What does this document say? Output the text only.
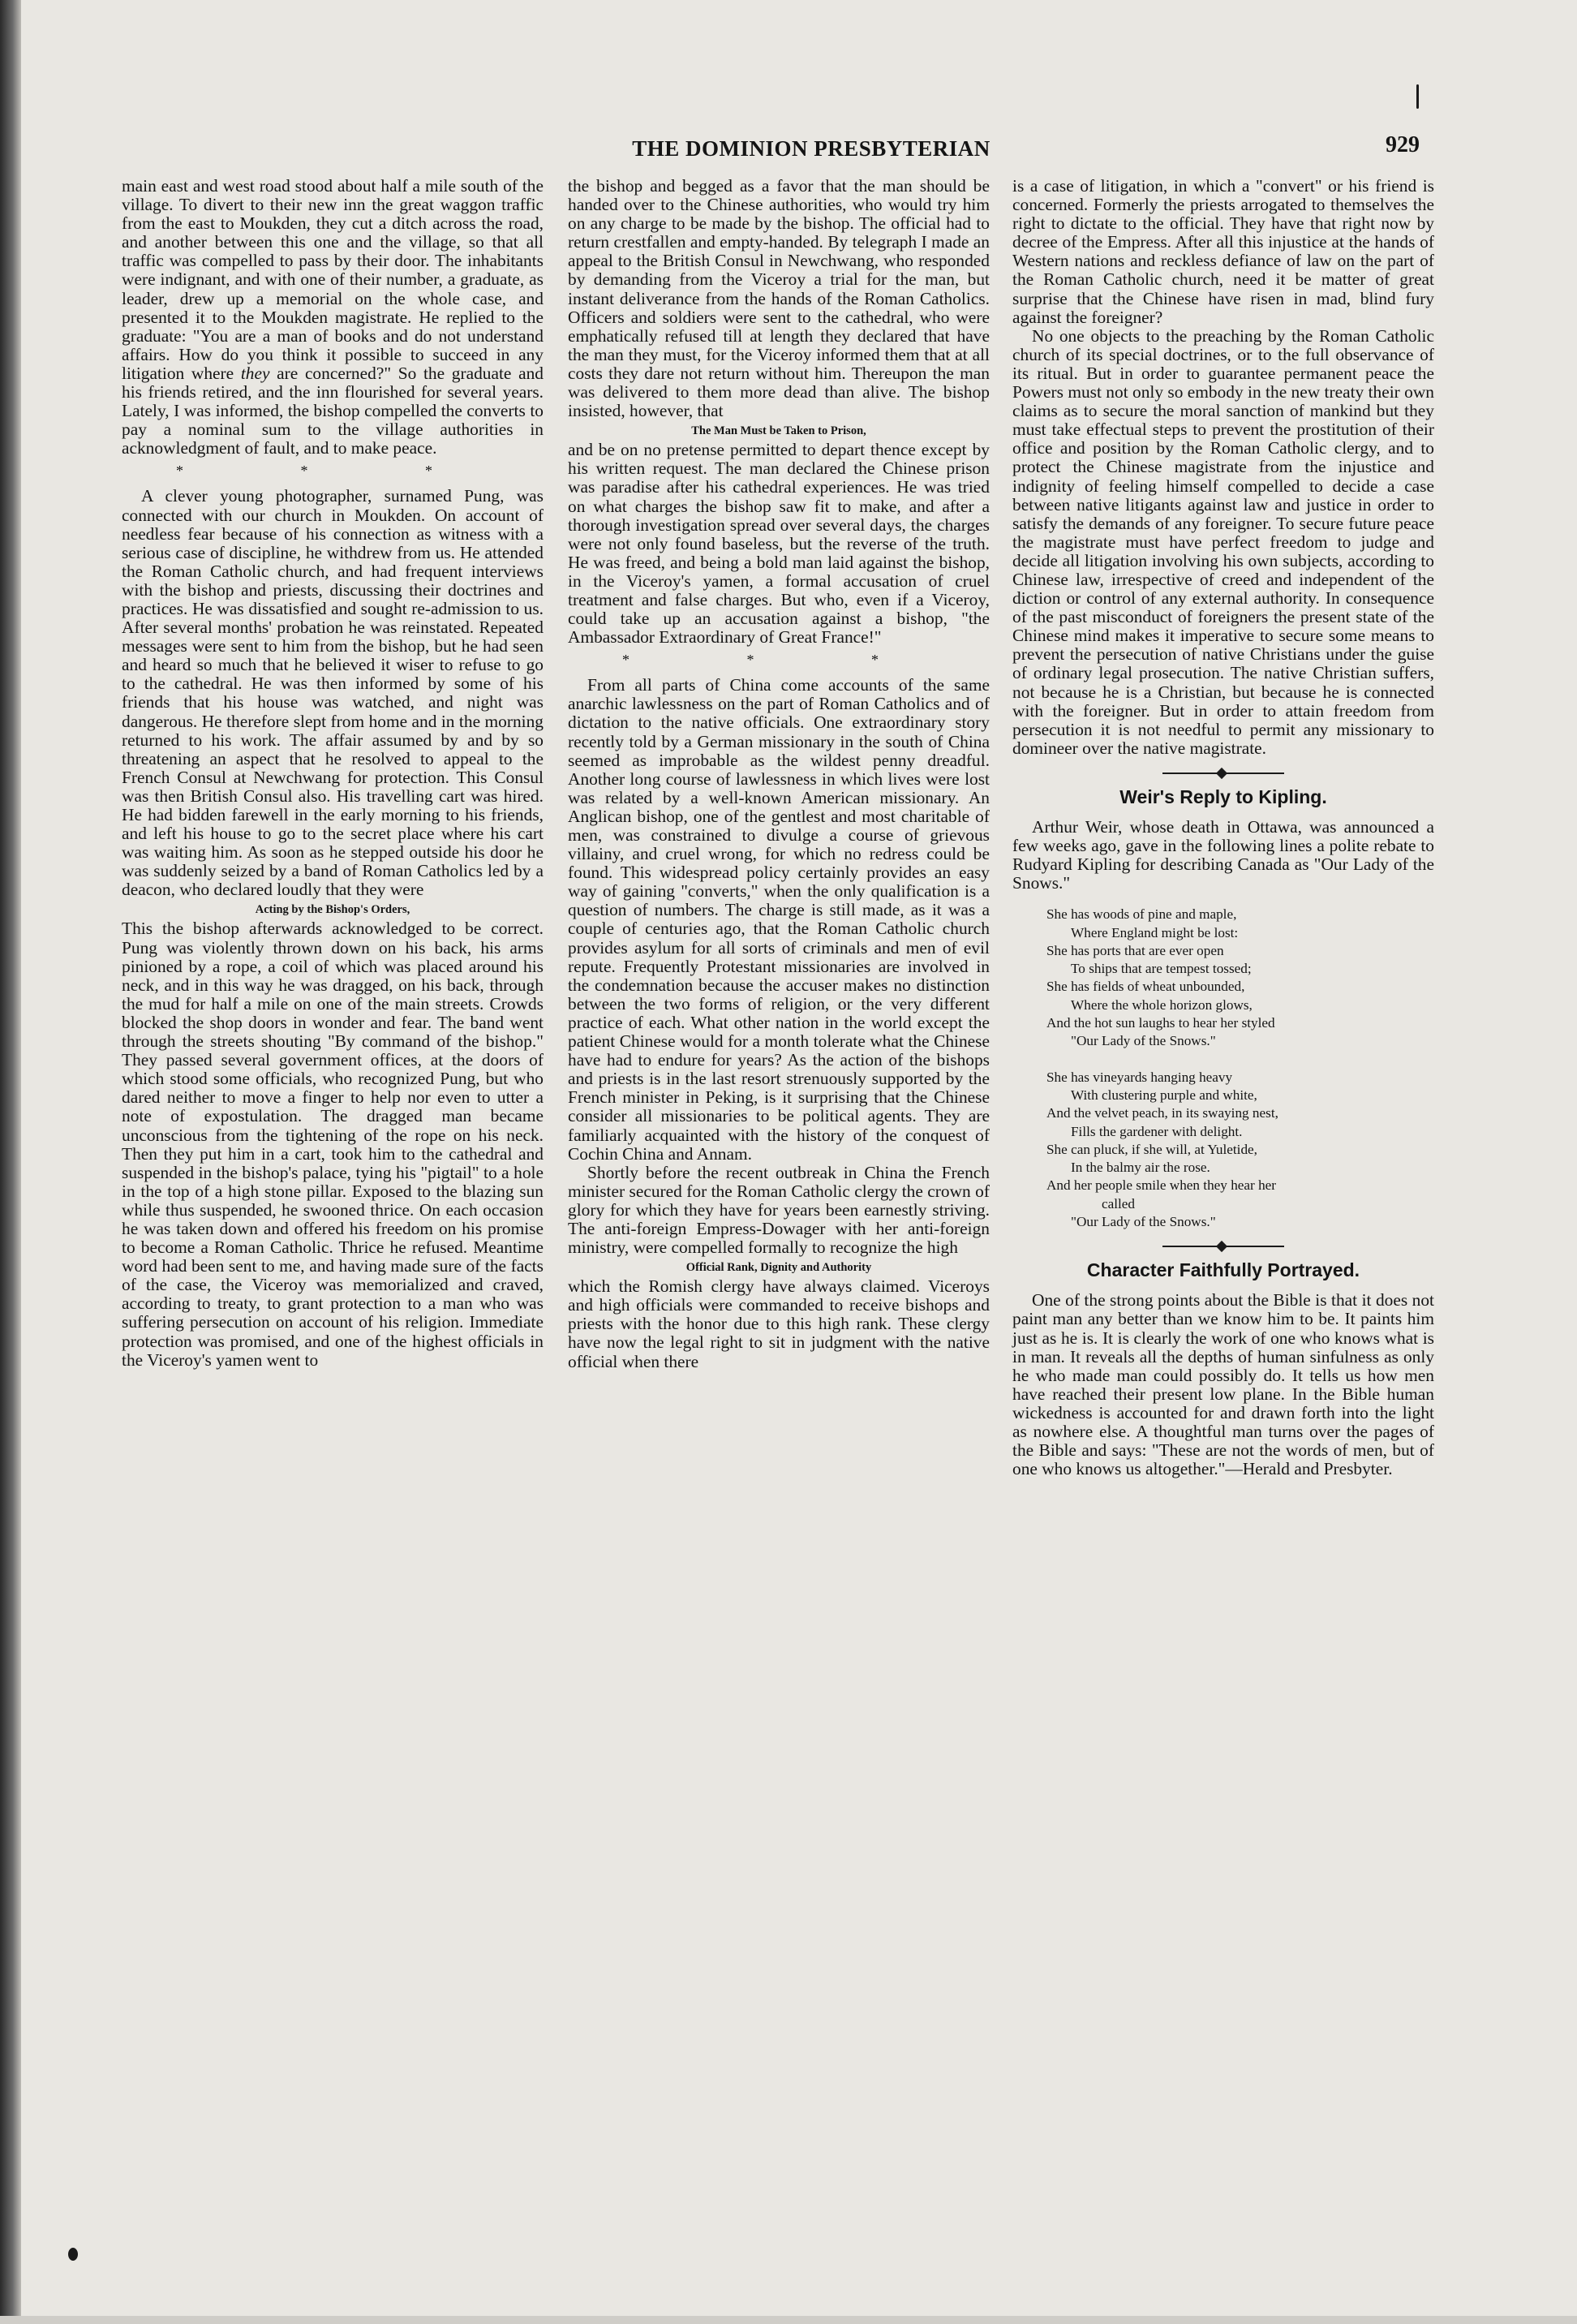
THE DOMINION PRESBYTERIAN	929

main east and west road stood about half a mile south of the village. To divert to their new inn the great waggon traffic from the east to Moukden, they cut a ditch across the road, and another between this one and the village, so that all traffic was compelled to pass by their door. The inhabitants were indignant, and with one of their number, a graduate, as leader, drew up a memorial on the whole case, and presented it to the Moukden magistrate. He replied to the graduate: "You are a man of books and do not understand affairs. How do you think it possible to succeed in any litigation where they are concerned?" So the graduate and his friends retired, and the inn flourished for several years. Lately, I was informed, the bishop compelled the converts to pay a nominal sum to the village authorities in acknowledgment of fault, and to make peace.

* * *

A clever young photographer, surnamed Pung, was connected with our church in Moukden. On account of needless fear because of his connection as witness with a serious case of discipline, he withdrew from us. He attended the Roman Catholic church, and had frequent interviews with the bishop and priests, discussing their doctrines and practices. He was dissatisfied and sought re-admission to us. After several months' probation he was reinstated. Repeated messages were sent to him from the bishop, but he had seen and heard so much that he believed it wiser to refuse to go to the cathedral. He was then informed by some of his friends that his house was watched, and night was dangerous. He therefore slept from home and in the morning returned to his work. The affair assumed by and by so threatening an aspect that he resolved to appeal to the French Consul at Newchwang for protection. This Consul was then British Consul also. His travelling cart was hired. He had bidden farewell in the early morning to his friends, and left his house to go to the secret place where his cart was waiting him. As soon as he stepped outside his door he was suddenly seized by a band of Roman Catholics led by a deacon, who declared loudly that they were

Acting by the Bishop's Orders,

This the bishop afterwards acknowledged to be correct. Pung was violently thrown down on his back, his arms pinioned by a rope, a coil of which was placed around his neck, and in this way he was dragged, on his back, through the mud for half a mile on one of the main streets. Crowds blocked the shop doors in wonder and fear. The band went through the streets shouting "By command of the bishop." They passed several government offices, at the doors of which stood some officials, who recognized Pung, but who dared neither to move a finger to help nor even to utter a note of expostulation. The dragged man became unconscious from the tightening of the rope on his neck. Then they put him in a cart, took him to the cathedral and suspended in the bishop's palace, tying his "pigtail" to a hole in the top of a high stone pillar. Exposed to the blazing sun while thus suspended, he swooned thrice. On each occasion he was taken down and offered his freedom on his promise to become a Roman Catholic. Thrice he refused. Meantime word had been sent to me, and having made sure of the facts of the case, the Viceroy was memorialized and craved, according to treaty, to grant protection to a man who was suffering persecution on account of his religion. Immediate protection was promised, and one of the highest officials in the Viceroy's yamen went to

the bishop and begged as a favor that the man should be handed over to the Chinese authorities, who would try him on any charge to be made by the bishop. The official had to return crestfallen and empty-handed. By telegraph I made an appeal to the British Consul in Newchwang, who responded by demanding from the Viceroy a trial for the man, but instant deliverance from the hands of the Roman Catholics. Officers and soldiers were sent to the cathedral, who were emphatically refused till at length they declared that have the man they must, for the Viceroy informed them that at all costs they dare not return without him. Thereupon the man was delivered to them more dead than alive. The bishop insisted, however, that

The Man Must be Taken to Prison,

and be on no pretense permitted to depart thence except by his written request. The man declared the Chinese prison was paradise after his cathedral experiences. He was tried on what charges the bishop saw fit to make, and after a thorough investigation spread over several days, the charges were not only found baseless, but the reverse of the truth. He was freed, and being a bold man laid against the bishop, in the Viceroy's yamen, a formal accusation of cruel treatment and false charges. But who, even if a Viceroy, could take up an accusation against a bishop, "the Ambassador Extraordinary of Great France!"

* * *

From all parts of China come accounts of the same anarchic lawlessness on the part of Roman Catholics and of dictation to the native officials. One extraordinary story recently told by a German missionary in the south of China seemed as improbable as the wildest penny dreadful. Another long course of lawlessness in which lives were lost was related by a well-known American missionary. An Anglican bishop, one of the gentlest and most charitable of men, was constrained to divulge a course of grievous villainy, and cruel wrong, for which no redress could be found. This widespread policy certainly provides an easy way of gaining "converts," when the only qualification is a question of numbers. The charge is still made, as it was a couple of centuries ago, that the Roman Catholic church provides asylum for all sorts of criminals and men of evil repute. Frequently Protestant missionaries are involved in the condemnation because the accuser makes no distinction between the two forms of religion, or the very different practice of each. What other nation in the world except the patient Chinese would for a month tolerate what the Chinese have had to endure for years? As the action of the bishops and priests is in the last resort strenuously supported by the French minister in Peking, is it surprising that the Chinese consider all missionaries to be political agents. They are familiarly acquainted with the history of the conquest of Cochin China and Annam.

Shortly before the recent outbreak in China the French minister secured for the Roman Catholic clergy the crown of glory for which they have for years been earnestly striving. The anti-foreign Empress-Dowager with her anti-foreign ministry, were compelled formally to recognize the high

Official Rank, Dignity and Authority

which the Romish clergy have always claimed. Viceroys and high officials were commanded to receive bishops and priests with the honor due to this high rank. These clergy have now the legal right to sit in judgment with the native official when there

is a case of litigation, in which a "convert" or his friend is concerned. Formerly the priests arrogated to themselves the right to dictate to the official. They have that right now by decree of the Empress. After all this injustice at the hands of Western nations and reckless defiance of law on the part of the Roman Catholic church, need it be matter of great surprise that the Chinese have risen in mad, blind fury against the foreigner?

No one objects to the preaching by the Roman Catholic church of its special doctrines, or to the full observance of its ritual. But in order to guarantee permanent peace the Powers must not only so embody in the new treaty their own claims as to secure the moral sanction of mankind but they must take effectual steps to prevent the prostitution of their office and position by the Roman Catholic clergy, and to protect the Chinese magistrate from the injustice and indignity of feeling himself compelled to decide a case between native litigants against law and justice in order to satisfy the demands of any foreigner. To secure future peace the magistrate must have perfect freedom to judge and decide all litigation involving his own subjects, according to Chinese law, irrespective of creed and independent of the diction or control of any external authority. In consequence of the past misconduct of foreigners the present state of the Chinese mind makes it imperative to secure some means to prevent the persecution of native Christians under the guise of ordinary legal prosecution. The native Christian suffers, not because he is a Christian, but because he is connected with the foreigner. But in order to attain freedom from persecution it is not needful to permit any missionary to domineer over the native magistrate.

Weir's Reply to Kipling.

Arthur Weir, whose death in Ottawa, was announced a few weeks ago, gave in the following lines a polite rebate to Rudyard Kipling for describing Canada as "Our Lady of the Snows."

She has woods of pine and maple,
Where England might be lost:
She has ports that are ever open
To ships that are tempest tossed;
She has fields of wheat unbounded,
Where the whole horizon glows,
And the hot sun laughs to hear her styled
"Our Lady of the Snows."
She has vineyards hanging heavy
With clustering purple and white,
And the velvet peach, in its swaying nest,
Fills the gardener with delight.
She can pluck, if she will, at Yuletide,
In the balmy air the rose.
And her people smile when they hear her
called
"Our Lady of the Snows."
Character Faithfully Portrayed.

One of the strong points about the Bible is that it does not paint man any better than we know him to be. It paints him just as he is. It is clearly the work of one who knows what is in man. It reveals all the depths of human sinfulness as only he who made man could possibly do. It tells us how men have reached their present low plane. In the Bible human wickedness is accounted for and drawn forth into the light as nowhere else. A thoughtful man turns over the pages of the Bible and says: "These are not the words of men, but of one who knows us altogether."—Herald and Presbyter.
